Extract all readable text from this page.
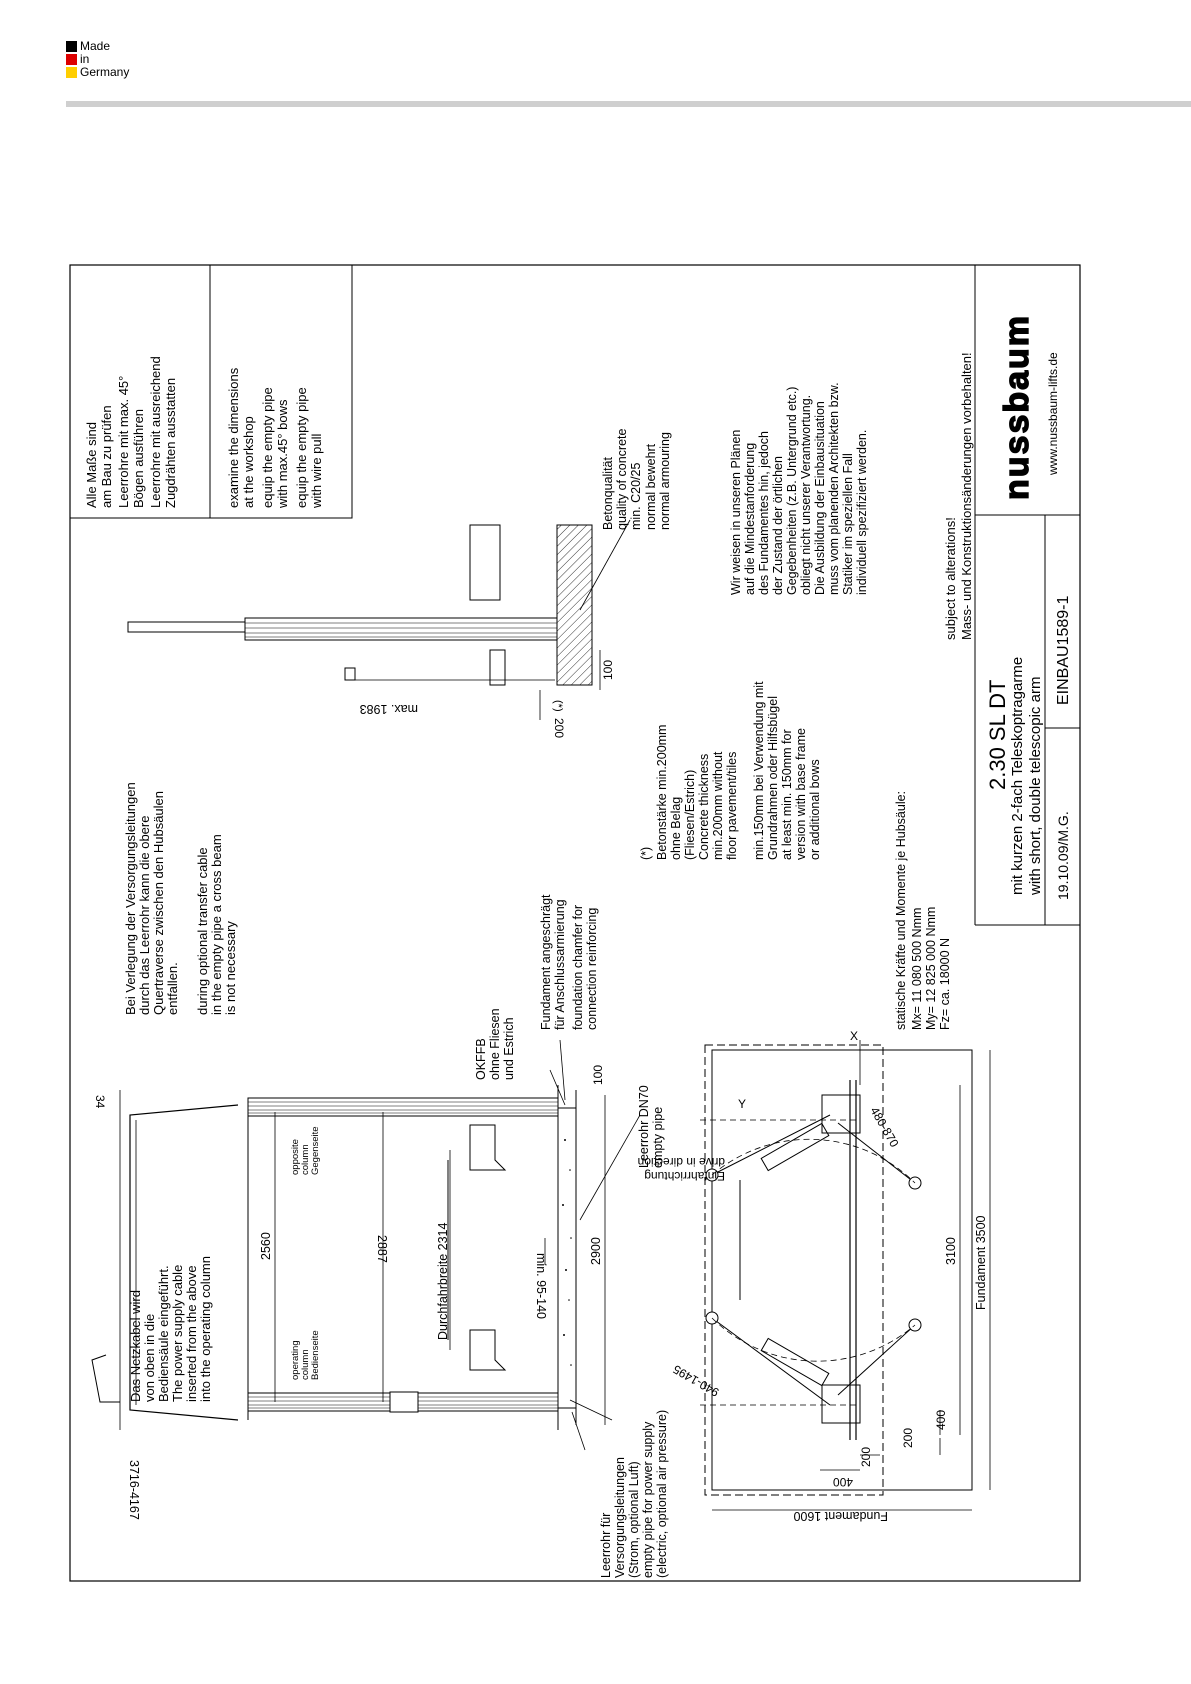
Made
in
Germany
Alle Maße sind am Bau zu prüfen Leerrohre mit max. 45° Bögen ausführen Leerrohre mit ausreichend Zugdrähten ausstatten	examine the dimensions at the workshop equip the empty pipe with max.45° bows equip the empty pipe with wire pull	nussbaum www.nussbaum-lifts.de
subject to alterations! Mass- und Konstruktionsänderungen vorbehalten!
2.30 SL DT mit kurzen 2-fach Teleskoptragarme with short, double telescopic arm 19.10.09/M.G.
EINBAU1589-1
Wir weisen in unseren Plänen auf die Mindestanforderung des Fundamentes hin, jedoch der Zustand der örtlichen Gegebenheiten (z.B. Untergrund etc.) obliegt nicht unserer Verantwortung. Die Ausbildung der Einbausituation muss vom planenden Architekten bzw. Statiker im speziellen Fall individuell spezifiziert werden.
Betonqualität quality of concrete min. C20/25 normal bewehrt normal armouring
(*) Betonstärke min.200mm ohne Belag (Fliesen/Estrich) Concrete thickness min.200mm without floor pavement/tiles min.150mm bei Verwendung mit Grundrahmen oder Hilfsbügel at least min. 150mm for version with base frame or additional bows	statische Kräfte und Momente je Hubsäule: Mx= 11 080 500 Nmm My= 12 825 000 Nmm Fz= ca. 18000 N
Bei Verlegung der Versorgungsleitungen durch das Leerrohr kann die obere Quertraverse zwischen den Hubsäulen entfallen. during optional transfer cable in the empty pipe a cross beam is not necessary
Das Netzkabel wird von oben in die Bediensäule eingeführt. The power supply cable inserted from the above into the operating column
opposite column Gegenseite
operating column Bedienseite
2560	2887	Durchfahrbreite 2314	min. 95-140
2900
3716-4167
34
100
OKFFB ohne Fliesen und Estrich
Fundament angeschrägt für Anschlussarmierung foundation chamfer for connection reinforcing
Leerrohr DN70 empty pipe
Leerrohr für Versorgungsleitungen (Strom, optional Luft) empty pipe for power supply (electric, optional air pressure)
max. 1983
200
(*)
100
Einfahrrichtung
drive in direction
3100 Fundament 3500
Fundament 1600
400
200
200
400
940-1495
480-870
X
Y
